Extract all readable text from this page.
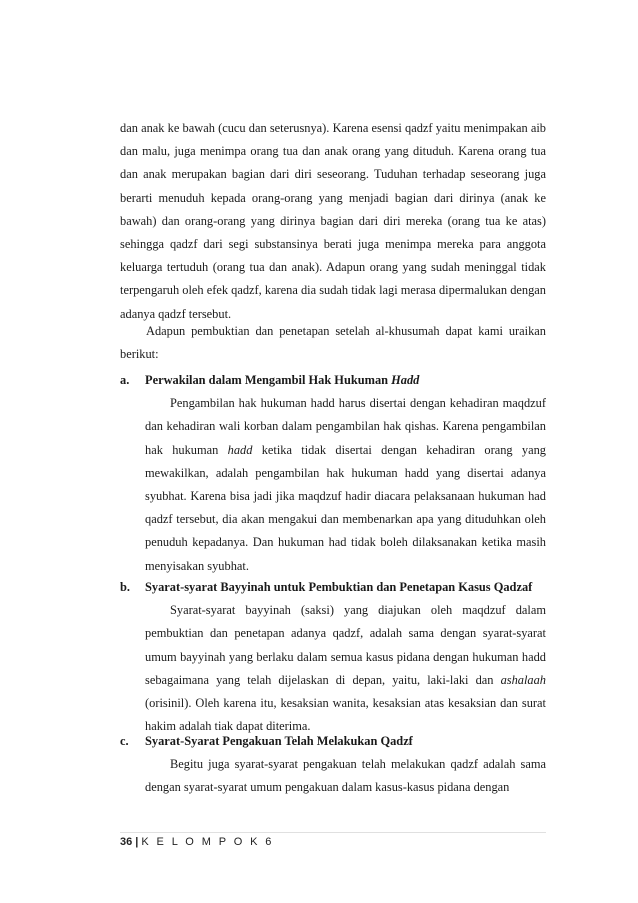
dan anak ke bawah (cucu dan seterusnya). Karena esensi qadzf yaitu menimpakan aib dan malu, juga menimpa orang tua dan anak orang yang dituduh. Karena orang tua dan anak merupakan bagian dari diri seseorang. Tuduhan terhadap seseorang juga berarti menuduh kepada orang-orang yang menjadi bagian dari dirinya (anak ke bawah) dan orang-orang yang dirinya bagian dari diri mereka (orang tua ke atas) sehingga qadzf dari segi substansinya berati juga menimpa mereka para anggota keluarga tertuduh (orang tua dan anak). Adapun orang yang sudah meninggal tidak terpengaruh oleh efek qadzf, karena dia sudah tidak lagi merasa dipermalukan dengan adanya qadzf tersebut.

Adapun pembuktian dan penetapan setelah al-khusumah dapat kami uraikan berikut:

a.	Perwakilan dalam Mengambil Hak Hukuman Hadd

Pengambilan hak hukuman hadd harus disertai dengan kehadiran maqdzuf dan kehadiran wali korban dalam pengambilan hak qishas. Karena pengambilan hak hukuman hadd ketika tidak disertai dengan kehadiran orang yang mewakilkan, adalah pengambilan hak hukuman hadd yang disertai adanya syubhat. Karena bisa jadi jika maqdzuf hadir diacara pelaksanaan hukuman had qadzf tersebut, dia akan mengakui dan membenarkan apa yang dituduhkan oleh penuduh kepadanya. Dan hukuman had tidak boleh dilaksanakan ketika masih menyisakan syubhat.

b.	Syarat-syarat Bayyinah untuk Pembuktian dan Penetapan Kasus Qadzaf

Syarat-syarat bayyinah (saksi) yang diajukan oleh maqdzuf dalam pembuktian dan penetapan adanya qadzf, adalah sama dengan syarat-syarat umum bayyinah yang berlaku dalam semua kasus pidana dengan hukuman hadd sebagaimana yang telah dijelaskan di depan, yaitu, laki-laki dan ashalaah (orisinil). Oleh karena itu, kesaksian wanita, kesaksian atas kesaksian dan surat hakim adalah tiak dapat diterima.

c.	Syarat-Syarat Pengakuan Telah Melakukan Qadzf

Begitu juga syarat-syarat pengakuan telah melakukan qadzf adalah sama dengan syarat-syarat umum pengakuan dalam kasus-kasus pidana dengan

36 | K E L O M P O K 6
